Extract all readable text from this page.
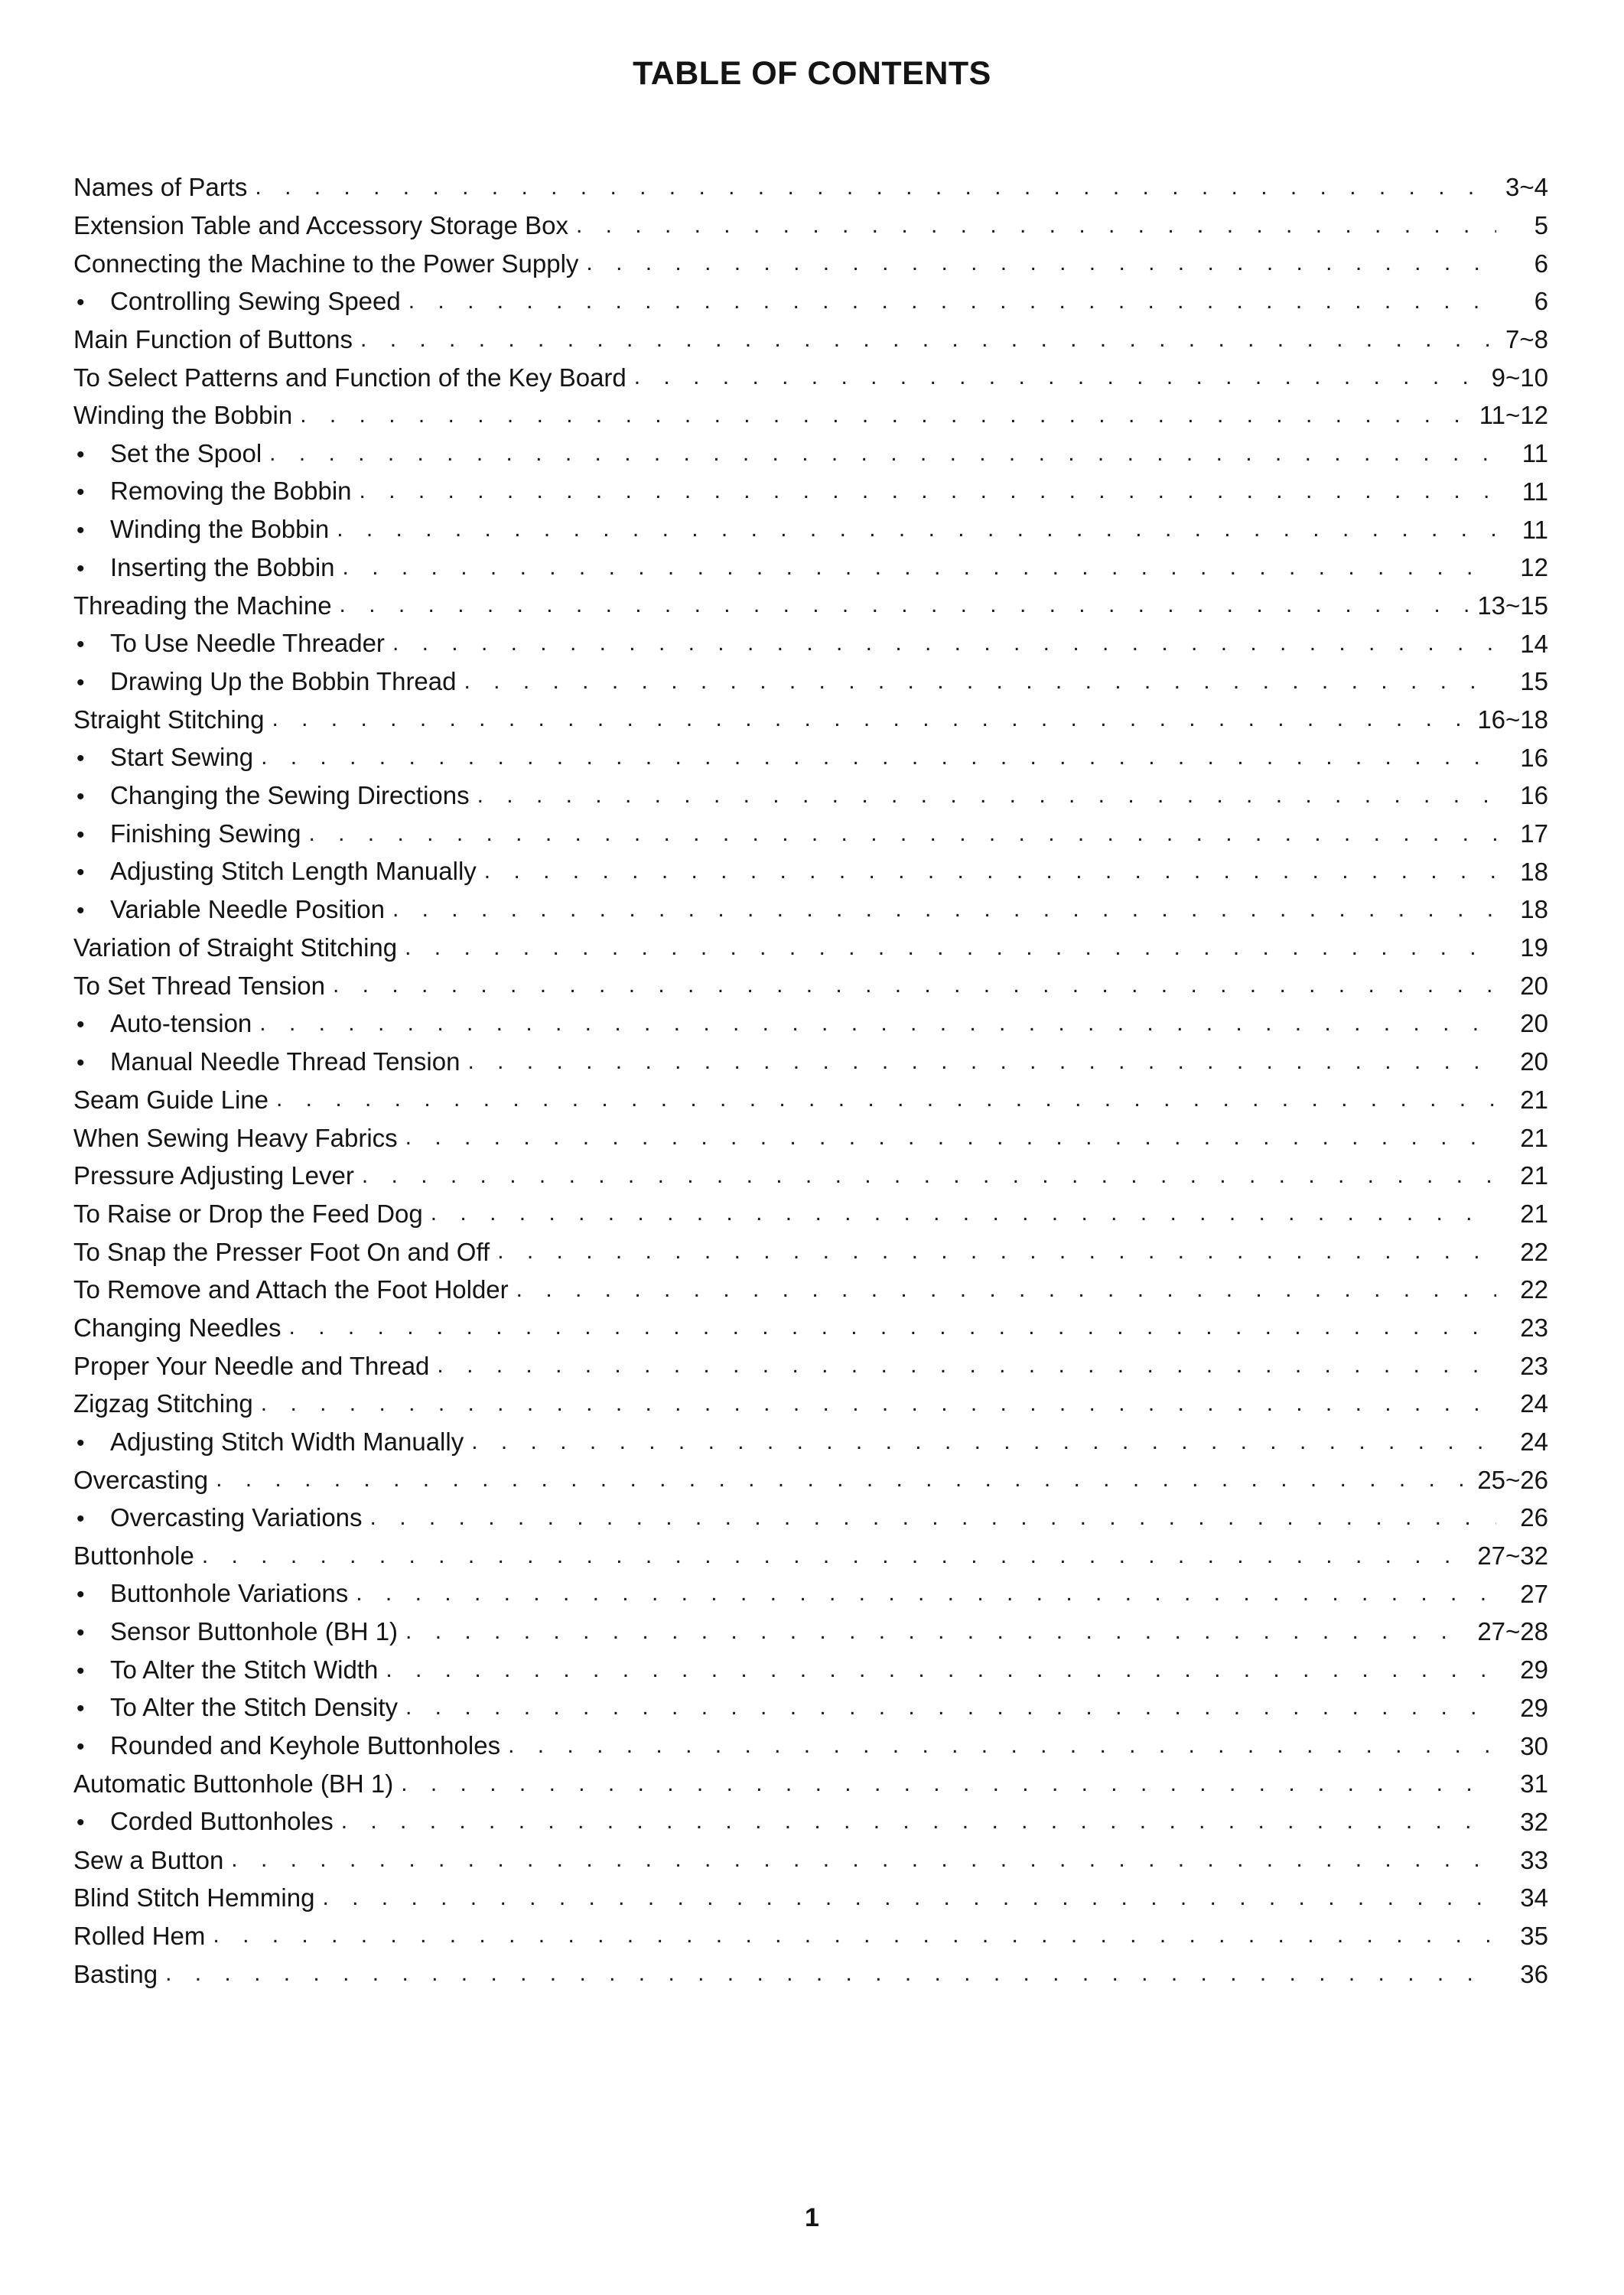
TABLE OF CONTENTS
Names of Parts . . .	3~4
Extension Table and Accessory Storage Box . . .	5
Connecting the Machine to the Power Supply . . .	6
• Controlling Sewing Speed . . .	6
Main Function of Buttons . . .	7~8
To Select Patterns and Function of the Key Board . . .	9~10
Winding the Bobbin . . .	11~12
• Set the Spool . . .	11
• Removing the Bobbin . . .	11
• Winding the Bobbin . . .	11
• Inserting the Bobbin . . .	12
Threading the Machine . . .	13~15
• To Use Needle Threader . . .	14
• Drawing Up the Bobbin Thread . . .	15
Straight Stitching . . .	16~18
• Start Sewing . . .	16
• Changing the Sewing Directions . . .	16
• Finishing Sewing . . .	17
• Adjusting Stitch Length Manually . . .	18
• Variable Needle Position . . .	18
Variation of Straight Stitching . . .	19
To Set Thread Tension . . .	20
• Auto-tension . . .	20
• Manual Needle Thread Tension . . .	20
Seam Guide Line . . .	21
When Sewing Heavy Fabrics . . .	21
Pressure Adjusting Lever . . .	21
To Raise or Drop the Feed Dog . . .	21
To Snap the Presser Foot On and Off . . .	22
To Remove and Attach the Foot Holder . . .	22
Changing Needles . . .	23
Proper Your Needle and Thread . . .	23
Zigzag Stitching . . .	24
• Adjusting Stitch Width Manually . . .	24
Overcasting . . .	25~26
• Overcasting Variations . . .	26
Buttonhole . . .	27~32
• Buttonhole Variations . . .	27
• Sensor Buttonhole (BH 1) . . .	27~28
• To Alter the Stitch Width . . .	29
• To Alter the Stitch Density . . .	29
• Rounded and Keyhole Buttonholes . . .	30
Automatic Buttonhole (BH 1) . . .	31
• Corded Buttonholes . . .	32
Sew a Button . . .	33
Blind Stitch Hemming . . .	34
Rolled Hem . . .	35
Basting . . .	36
1
